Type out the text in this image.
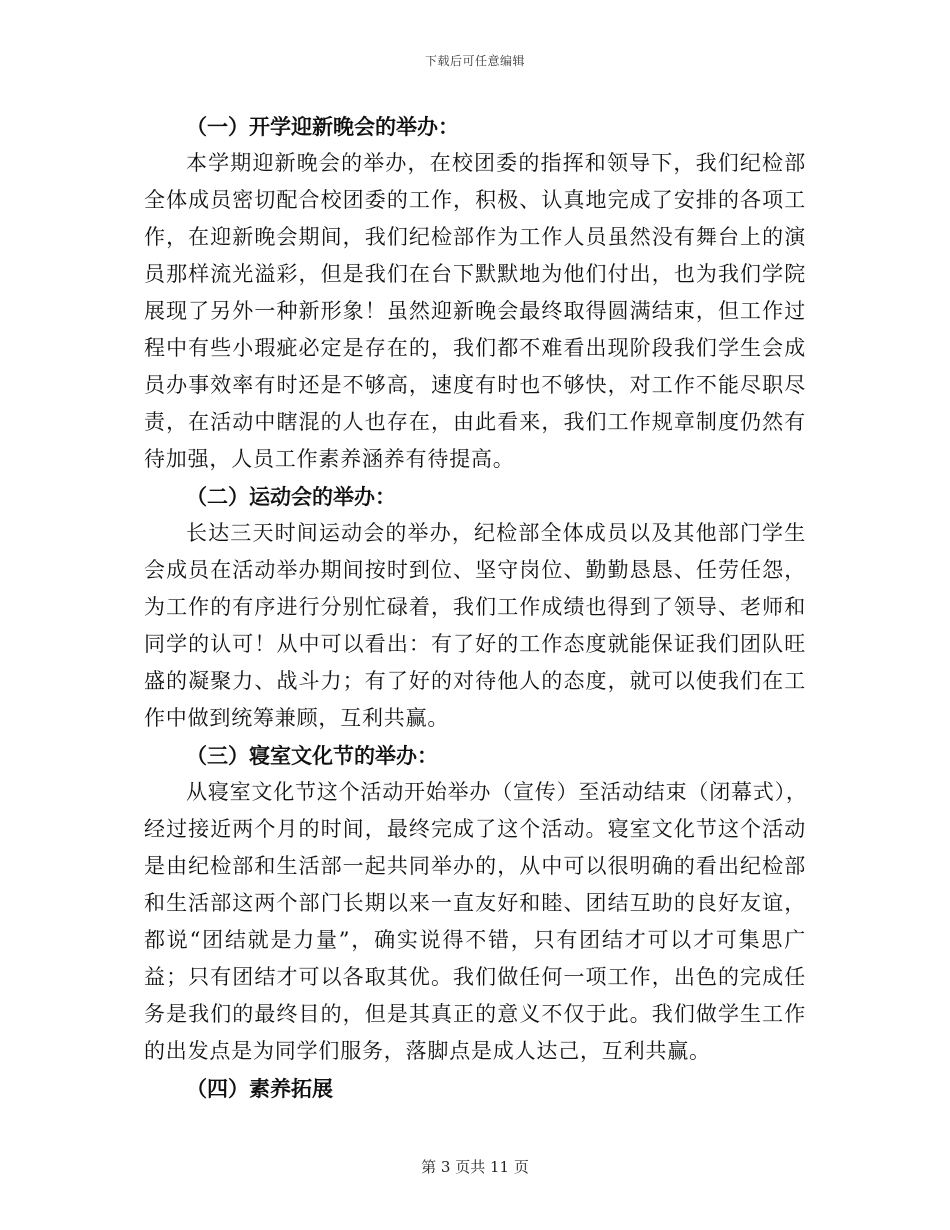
下载后可任意编辑
（一）开学迎新晚会的举办：
本学期迎新晚会的举办，在校团委的指挥和领导下，我们纪检部
全体成员密切配合校团委的工作，积极、认真地完成了安排的各项工
作，在迎新晚会期间，我们纪检部作为工作人员虽然没有舞台上的演
员那样流光溢彩，但是我们在台下默默地为他们付出，也为我们学院
展现了另外一种新形象！虽然迎新晚会最终取得圆满结束，但工作过
程中有些小瑕疵必定是存在的，我们都不难看出现阶段我们学生会成
员办事效率有时还是不够高，速度有时也不够快，对工作不能尽职尽
责，在活动中瞎混的人也存在，由此看来，我们工作规章制度仍然有
待加强，人员工作素养涵养有待提高。
（二）运动会的举办：
长达三天时间运动会的举办，纪检部全体成员以及其他部门学生
会成员在活动举办期间按时到位、坚守岗位、勤勤恳恳、任劳任怨，
为工作的有序进行分别忙碌着，我们工作成绩也得到了领导、老师和
同学的认可！从中可以看出：有了好的工作态度就能保证我们团队旺
盛的凝聚力、战斗力；有了好的对待他人的态度，就可以使我们在工
作中做到统筹兼顾，互利共赢。
（三）寝室文化节的举办：
从寝室文化节这个活动开始举办（宣传）至活动结束（闭幕式），
经过接近两个月的时间，最终完成了这个活动。寝室文化节这个活动
是由纪检部和生活部一起共同举办的，从中可以很明确的看出纪检部
和生活部这两个部门长期以来一直友好和睦、团结互助的良好友谊，
都说“团结就是力量”，确实说得不错，只有团结才可以才可集思广
益；只有团结才可以各取其优。我们做任何一项工作，出色的完成任
务是我们的最终目的，但是其真正的意义不仅于此。我们做学生工作
的出发点是为同学们服务，落脚点是成人达己，互利共赢。
（四）素养拓展
第 3 页共 11 页
